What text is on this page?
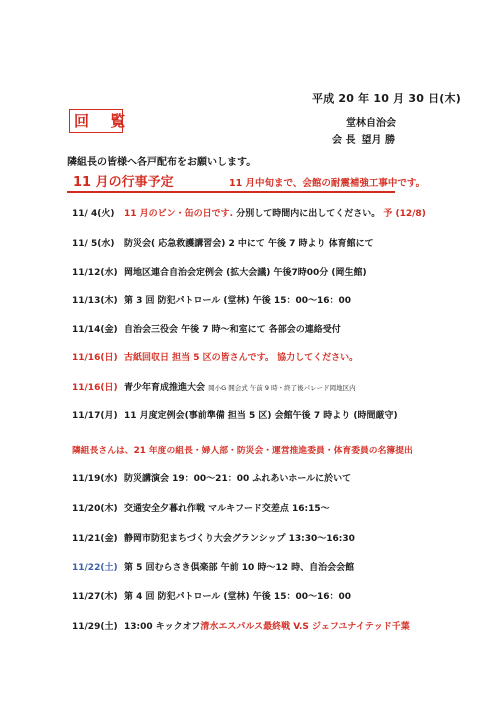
平成 20 年 10 月 30 日(木)
回 覧	堂林自治会
会 長 望月 勝
隣組長の皆様へ各戸配布をお願いします。
11 月の行事予定	11 月中旬まで、会館の耐震補強工事中です。
11/ 4(火) 11 月のビン・缶の日です. 分別して時間内に出してください。 予 (12/8)
11/ 5(水) 防災会( 応急救護講習会) 2 中にて 午後 7 時より 体育館にて
11/12(水) 岡地区連合自治会定例会 (拡大会議) 午後7時00分 (岡生館)
11/13(木) 第 3 回 防犯パトロール (堂林) 午後 15：00～16：00
11/14(金) 自治会三役会 午後 7 時～和室にて 各部会の連絡受付
11/16(日) 古紙回収日 担当 5 区の皆さんです。 協力してください。
11/16(日) 青少年育成推進大会 岡小G 開会式 午前 9 時・終了後パレード岡地区内
11/17(月) 11 月度定例会(事前準備 担当 5 区) 会館午後 7 時より (時間厳守)
隣組長さんは、21 年度の組長・婦人部・防災会・運営推進委員・体育委員の名簿提出
11/19(水) 防災講演会 19：00～21：00 ふれあいホールに於いて
11/20(木) 交通安全夕暮れ作戦 マルキフード交差点 16:15～
11/21(金) 静岡市防犯まちづくり大会グランシップ 13:30～16:30
11/22(土) 第 5 回むらさき倶楽部 午前 10 時～12 時、自治会会館
11/27(木) 第 4 回 防犯パトロール (堂林) 午後 15：00～16：00
11/29(土) 13:00 キックオフ清水エスパルス最終戦 V.S ジェフユナイテッド千葉
